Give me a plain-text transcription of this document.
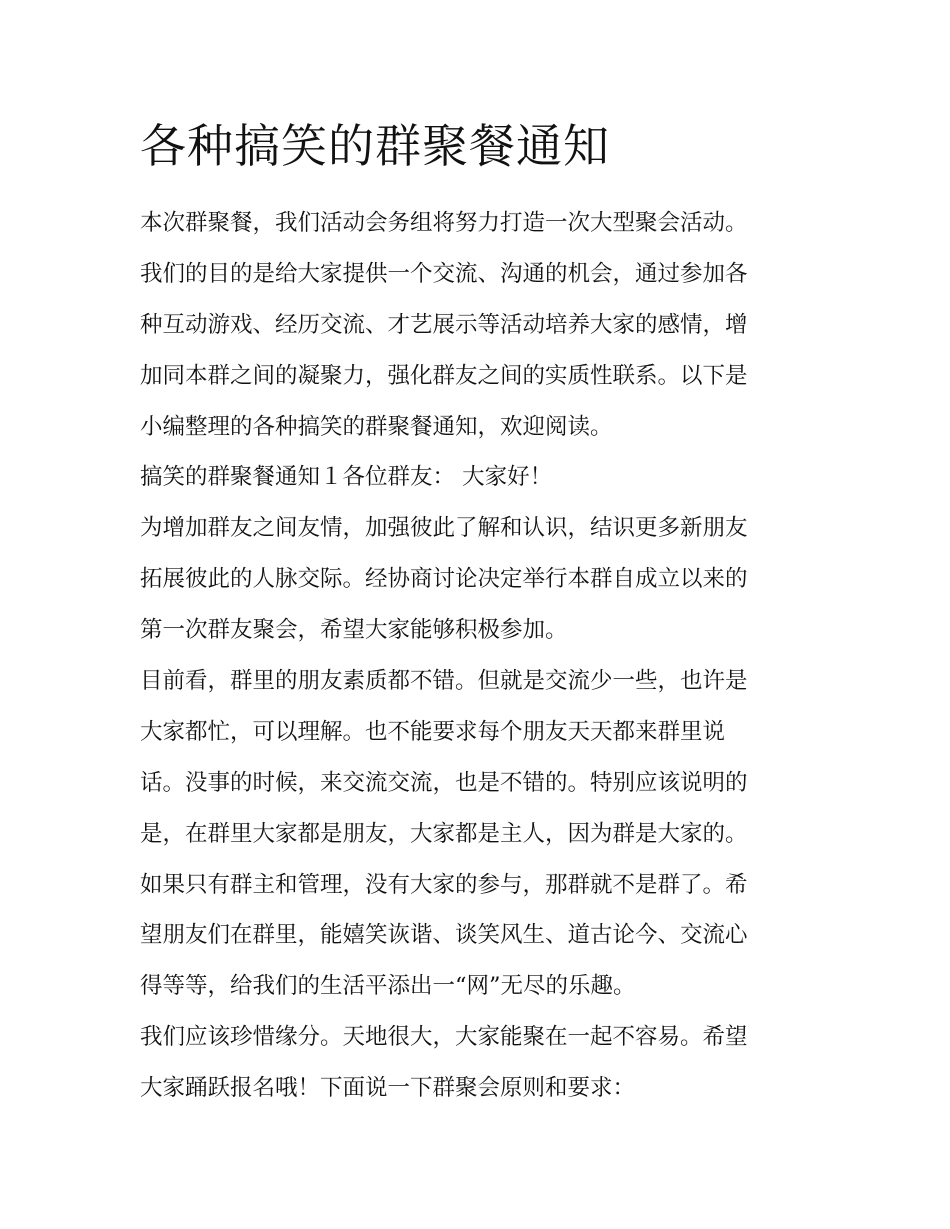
各种搞笑的群聚餐通知

本次群聚餐，我们活动会务组将努力打造一次大型聚会活动。

我们的目的是给大家提供一个交流、沟通的机会，通过参加各

种互动游戏、经历交流、才艺展示等活动培养大家的感情，增

加同本群之间的凝聚力，强化群友之间的实质性联系。以下是

小编整理的各种搞笑的群聚餐通知，欢迎阅读。

搞笑的群聚餐通知１各位群友： 大家好！

为增加群友之间友情，加强彼此了解和认识，结识更多新朋友

拓展彼此的人脉交际。经协商讨论决定举行本群自成立以来的

第一次群友聚会，希望大家能够积极参加。

目前看，群里的朋友素质都不错。但就是交流少一些，也许是

大家都忙，可以理解。也不能要求每个朋友天天都来群里说

话。没事的时候，来交流交流，也是不错的。特别应该说明的

是，在群里大家都是朋友，大家都是主人，因为群是大家的。

如果只有群主和管理，没有大家的参与，那群就不是群了。希

望朋友们在群里，能嬉笑诙谐、谈笑风生、道古论今、交流心

得等等，给我们的生活平添出一“网”无尽的乐趣。

我们应该珍惜缘分。天地很大，大家能聚在一起不容易。希望

大家踊跃报名哦！下面说一下群聚会原则和要求：
